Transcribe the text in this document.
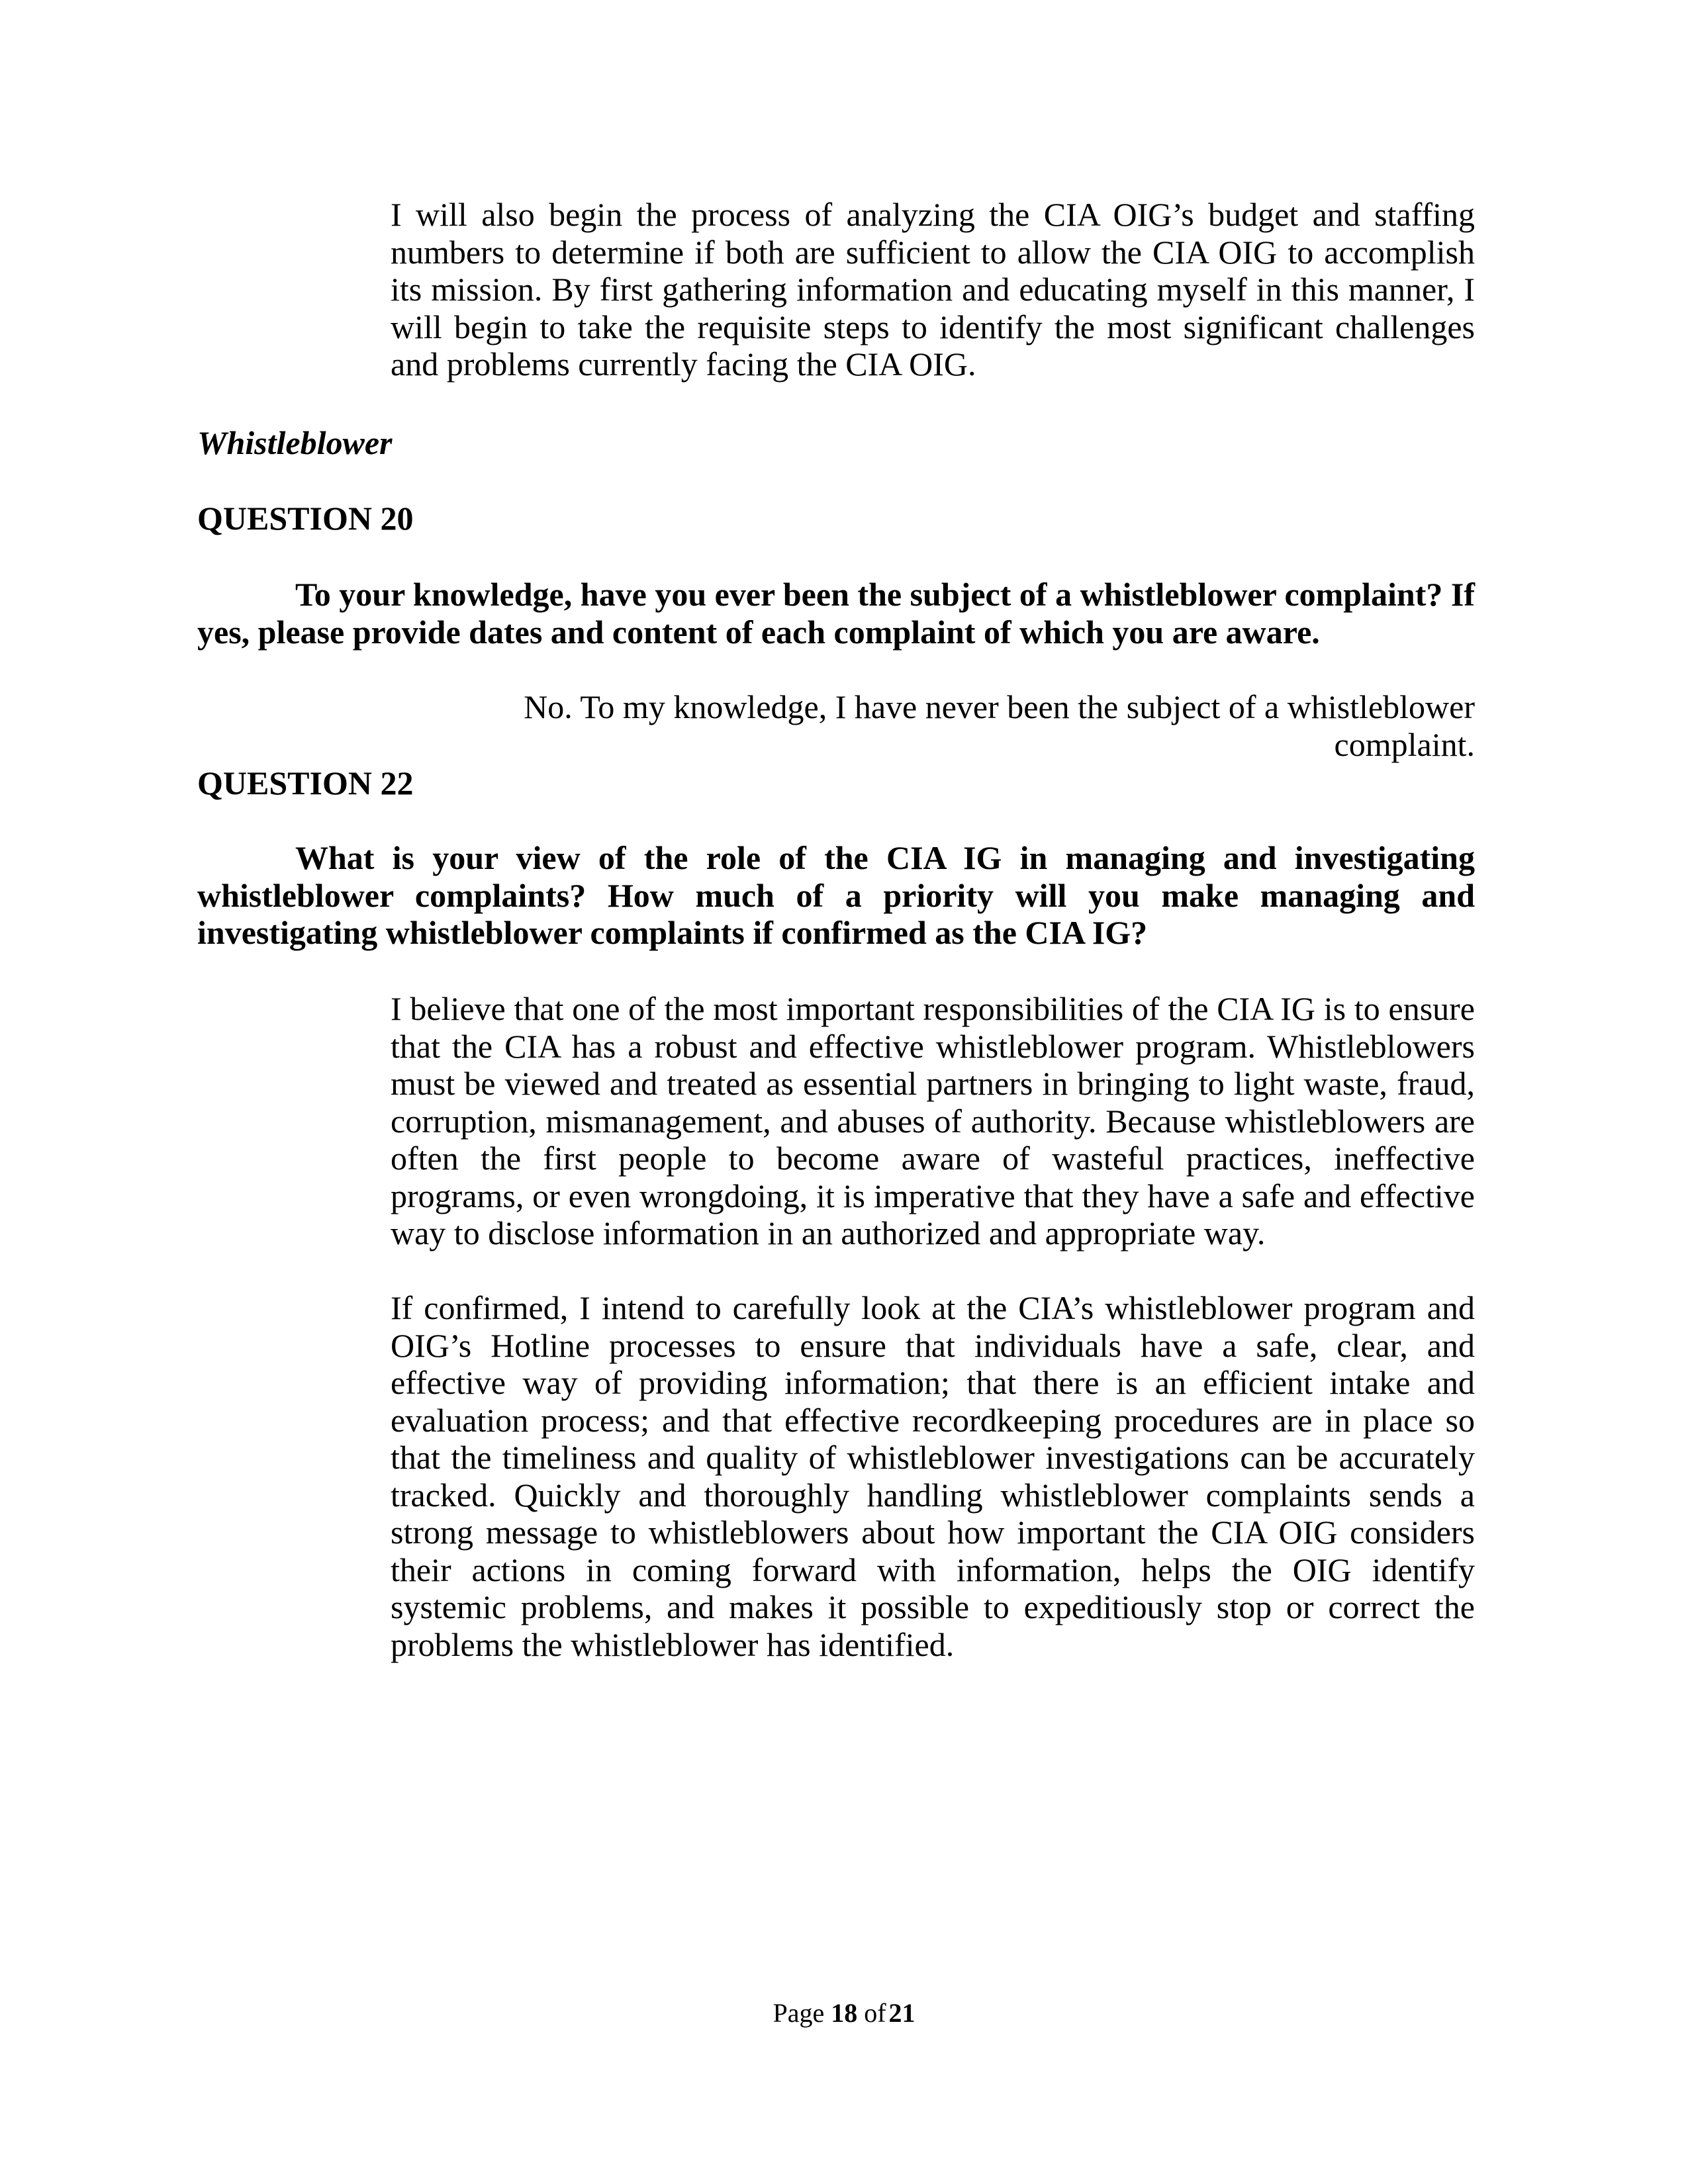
I will also begin the process of analyzing the CIA OIG’s budget and staffing numbers to determine if both are sufficient to allow the CIA OIG to accomplish its mission. By first gathering information and educating myself in this manner, I will begin to take the requisite steps to identify the most significant challenges and problems currently facing the CIA OIG.

Whistleblower
QUESTION 20

To your knowledge, have you ever been the subject of a whistleblower complaint? If yes, please provide dates and content of each complaint of which you are aware.

No. To my knowledge, I have never been the subject of a whistleblower complaint.

QUESTION 22

What is your view of the role of the CIA IG in managing and investigating whistleblower complaints? How much of a priority will you make managing and investigating whistleblower complaints if confirmed as the CIA IG?

I believe that one of the most important responsibilities of the CIA IG is to ensure that the CIA has a robust and effective whistleblower program. Whistleblowers must be viewed and treated as essential partners in bringing to light waste, fraud, corruption, mismanagement, and abuses of authority. Because whistleblowers are often the first people to become aware of wasteful practices, ineffective programs, or even wrongdoing, it is imperative that they have a safe and effective way to disclose information in an authorized and appropriate way.

If confirmed, I intend to carefully look at the CIA’s whistleblower program and OIG’s Hotline processes to ensure that individuals have a safe, clear, and effective way of providing information; that there is an efficient intake and evaluation process; and that effective recordkeeping procedures are in place so that the timeliness and quality of whistleblower investigations can be accurately tracked. Quickly and thoroughly handling whistleblower complaints sends a strong message to whistleblowers about how important the CIA OIG considers their actions in coming forward with information, helps the OIG identify systemic problems, and makes it possible to expeditiously stop or correct the problems the whistleblower has identified.

Page 18 of 21
